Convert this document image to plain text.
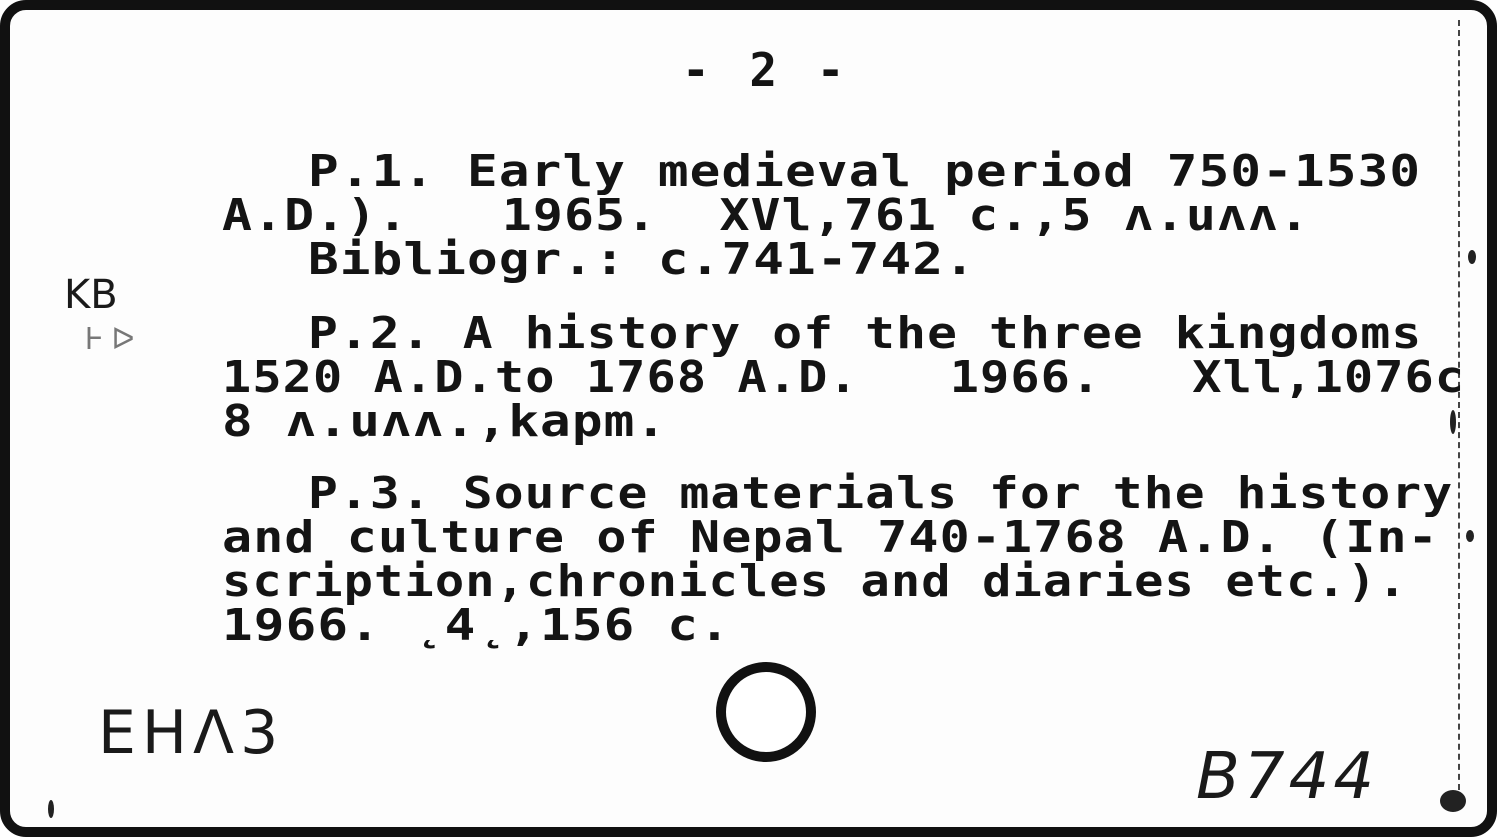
- 2 -
P.1. Early medieval period 750-1530
A.D.).   1965.  XVl,761 c.,5 ʌ.uʌʌ.
Bibliogr.: c.741-742.
P.2. A history of the three kingdoms
1520 A.D.to 1768 A.D.   1966.   Xll,1076c
8 ʌ.uʌʌ.,kapm.
P.3. Source materials for the history
and culture of Nepal 740-1768 A.D. (In-
scription,chronicles and diaries etc.).
1966. ˛4˛,156 c.
KB
Ꮀ ᐅ
EHΛ3
B744
